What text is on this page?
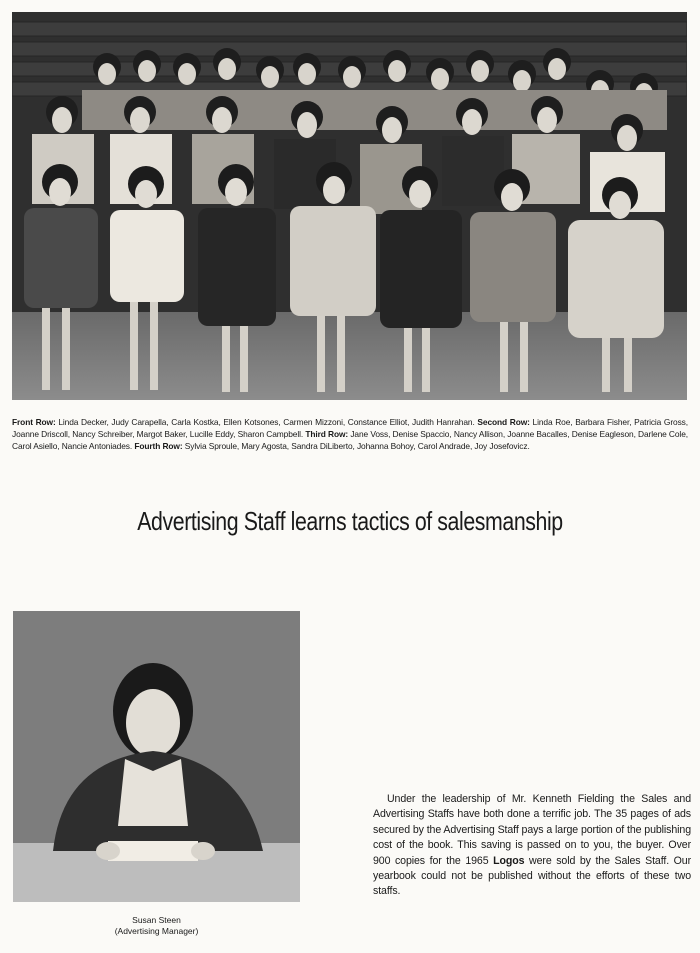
Front Row: Linda Decker, Judy Carapella, Carla Kostka, Ellen Kotsones, Carmen Mizzoni, Constance Elliot, Judith Hanrahan. Second Row: Linda Roe, Barbara Fisher, Patricia Gross, Joanne Driscoll, Nancy Schreiber, Margot Baker, Lucille Eddy, Sharon Campbell. Third Row: Jane Voss, Denise Spaccio, Nancy Allison, Joanne Bacalles, Denise Eagleson, Darlene Cole, Carol Asiello, Nancie Antoniades. Fourth Row: Sylvia Sproule, Mary Agosta, Sandra DiLiberto, Johanna Bohoy, Carol Andrade, Joy Josefovicz.
Advertising Staff learns tactics of salesmanship
Susan Steen
(Advertising Manager)
Under the leadership of Mr. Kenneth Fielding the Sales and Advertising Staffs have both done a terrific job. The 35 pages of ads secured by the Advertising Staff pays a large portion of the publishing cost of the book. This saving is passed on to you, the buyer. Over 900 copies for the 1965 Logos were sold by the Sales Staff. Our yearbook could not be published without the efforts of these two staffs.
